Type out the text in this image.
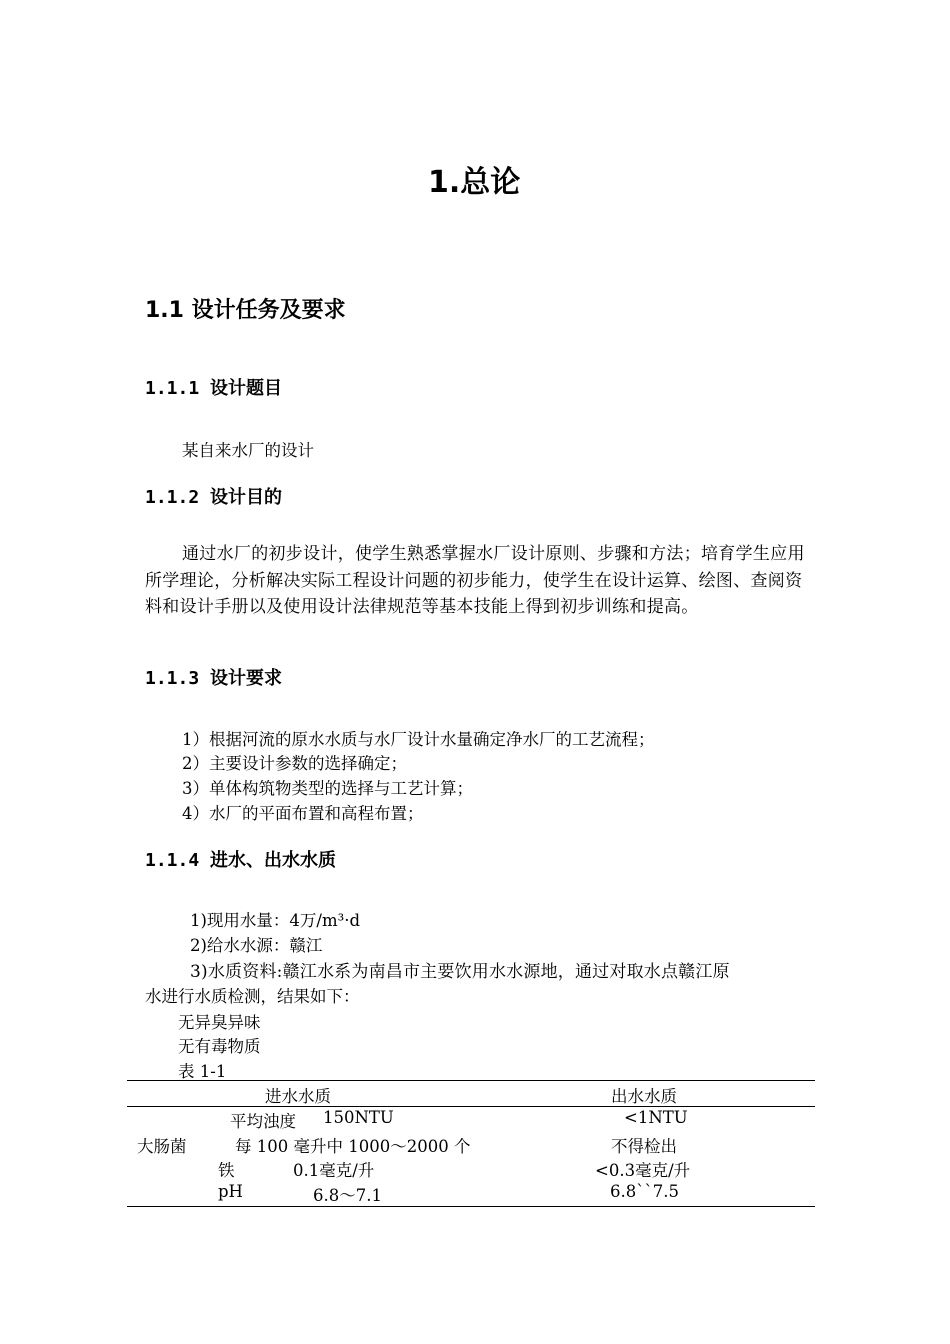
1.总论
1.1 设计任务及要求
1.1.1 设计题目
某自来水厂的设计
1.1.2 设计目的
通过水厂的初步设计，使学生熟悉掌握水厂设计原则、步骤和方法；培育学生应用所学理论，分析解决实际工程设计问题的初步能力，使学生在设计运算、绘图、查阅资料和设计手册以及使用设计法律规范等基本技能上得到初步训练和提高。
1.1.3 设计要求
1）根据河流的原水水质与水厂设计水量确定净水厂的工艺流程；
2）主要设计参数的选择确定；
3）单体构筑物类型的选择与工艺计算；
4）水厂的平面布置和高程布置；
1.1.4 进水、出水水质
1)现用水量：4万/m³·d
2)给水水源：赣江
3)水质资料:赣江水系为南昌市主要饮用水水源地，通过对取水点赣江原
水进行水质检测，结果如下：
无异臭异味
无有毒物质
表 1-1
进水水质	出水水质
平均浊度 150NTU	<1NTU
大肠菌	每 100 毫升中 1000～2000 个	不得检出
铁	0.1毫克/升	<0.3毫克/升
pH	6.8～7.1	6.8``7.5
